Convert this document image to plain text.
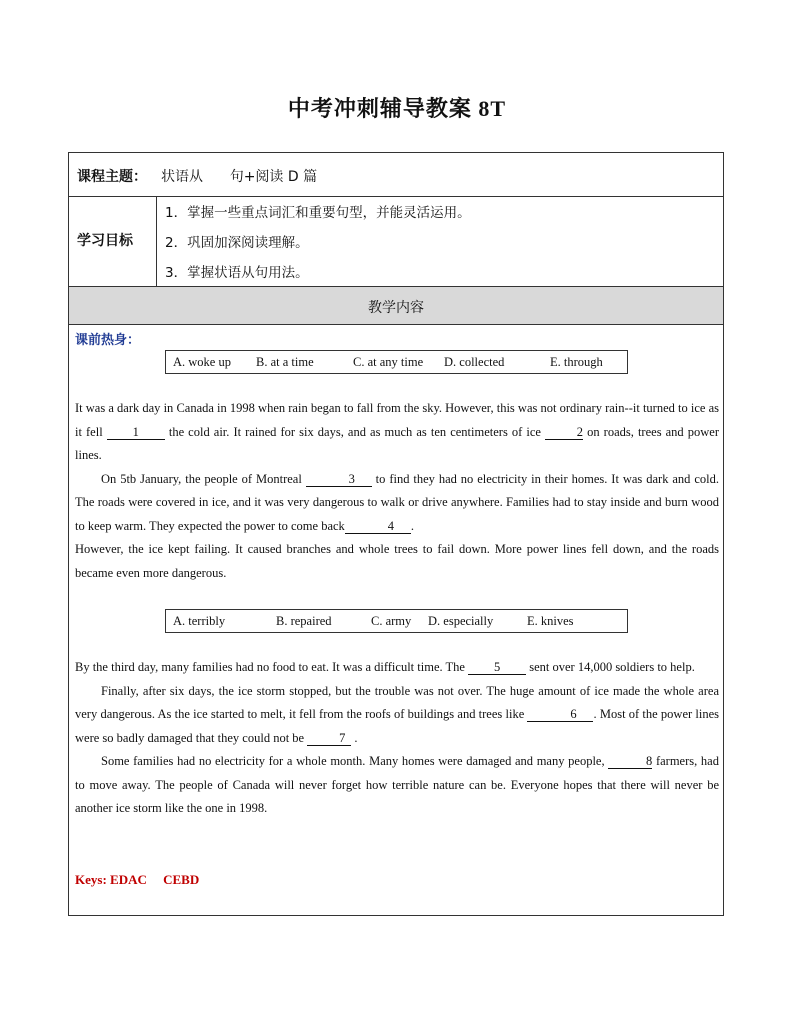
中考冲刺辅导教案 8T
课程主题： 状语从      句+阅读 D 篇
学习目标
1．掌握一些重点词汇和重要句型，并能灵活运用。
2．巩固加深阅读理解。
3．掌握状语从句用法。
教学内容
课前热身：
A. woke up B. at a time	C. at any time D. collected	E. through

It was a dark day in Canada in 1998 when rain began to fall from the sky. However, this was not ordinary rain--it turned to ice as it fell 1 the cold air. It rained for six days, and as much as ten centimeters of ice	2 on roads, trees and power lines.

On 5tb January, the people of Montreal	3 to find they had no electricity in their homes. It was dark and cold. The roads were covered in ice, and it was very dangerous to walk or drive anywhere. Families had to stay inside and burn wood to keep warm. They expected the power to come back	4 .

However, the ice kept failing. It caused branches and whole trees to fail down. More power lines fell down, and the roads became even more dangerous.

A. terribly	B. repaired	C. army D. especially	E. knives

By the third day, many families had no food to eat. It was a difficult time. The 5 sent over 14,000 soldiers to help.

Finally, after six days, the ice storm stopped, but the trouble was not over. The huge amount of ice made the whole area very dangerous. As the ice started to melt, it fell from the roofs of buildings and trees like	6 . Most of the power lines were so badly damaged that they could not be	7 .

Some families had no electricity for a whole month. Many homes were damaged and many people,	8 farmers, had to move away. The people of Canada will never forget how terrible nature can be. Everyone hopes that there will never be another ice storm like the one in 1998.

Keys: EDAC     CEBD
